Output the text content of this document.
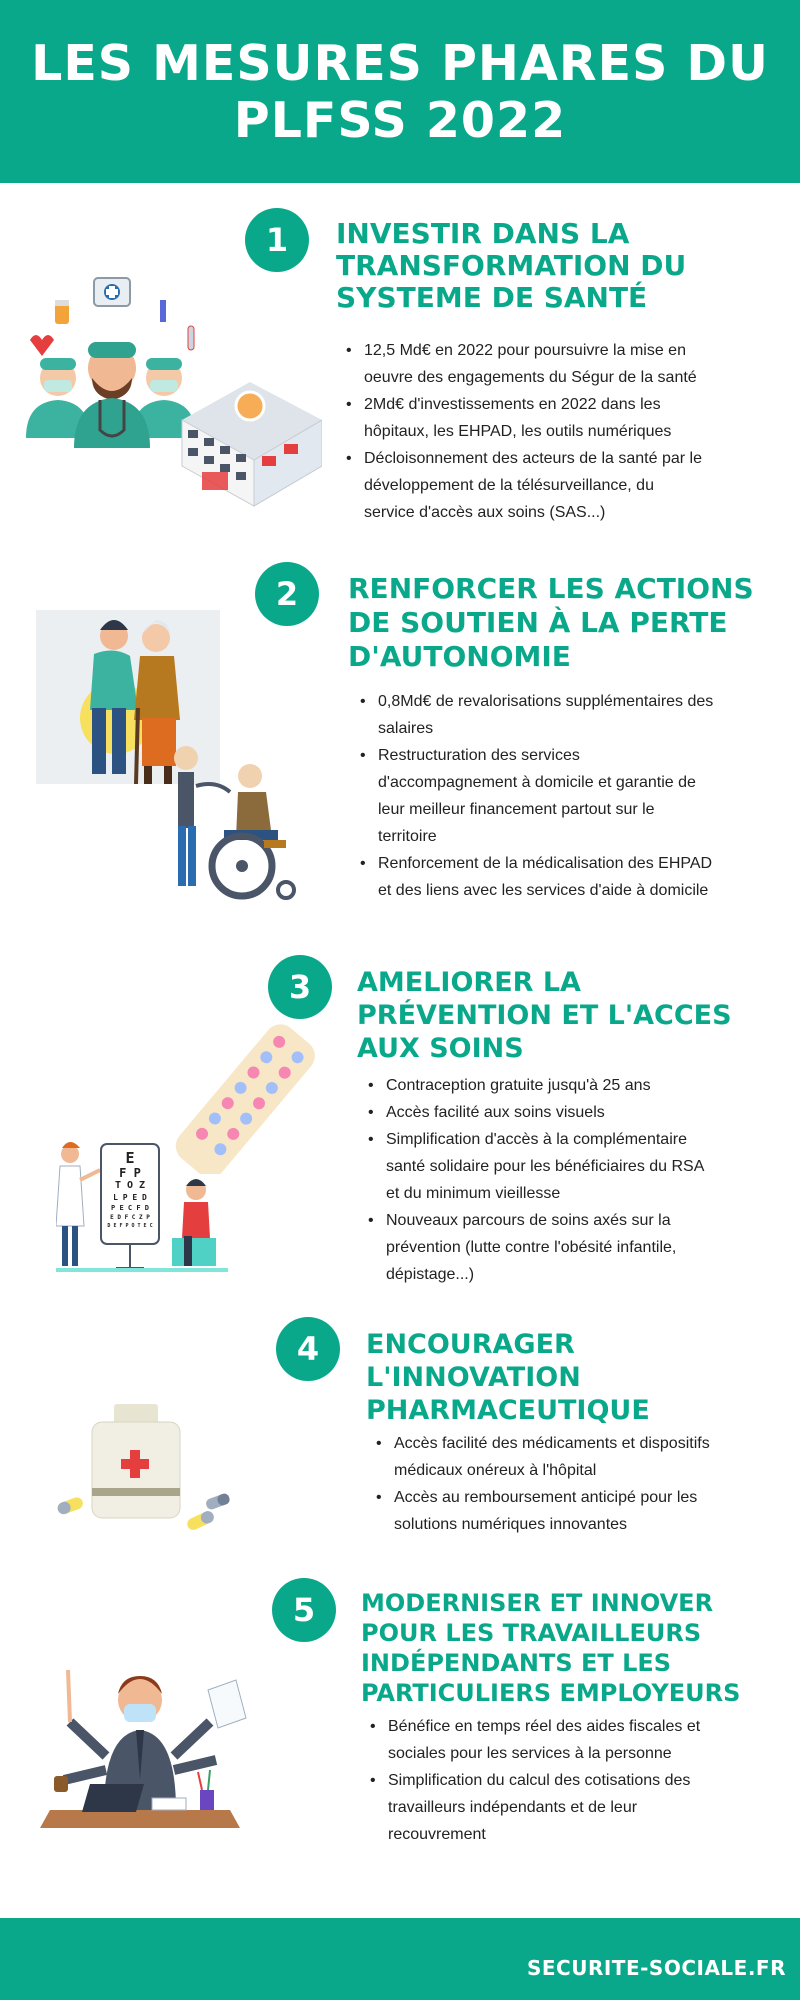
LES MESURES PHARES DU
PLFSS 2022
1	INVESTIR DANS LA
TRANSFORMATION DU
SYSTEME DE SANTÉ
• 12,5 Md€ en 2022 pour poursuivre la mise en
oeuvre des engagements du Ségur de la santé
• 2Md€ d'investissements en 2022 dans les
hôpitaux, les EHPAD, les outils numériques
• Décloisonnement des acteurs de la santé par le
développement de la télésurveillance, du
service d'accès aux soins (SAS...)
2	RENFORCER LES ACTIONS
DE SOUTIEN À LA PERTE
D'AUTONOMIE
• 0,8Md€ de revalorisations supplémentaires des
salaires
• Restructuration des services
d'accompagnement à domicile et garantie de
leur meilleur financement partout sur le
territoire
• Renforcement de la médicalisation des EHPAD
et des liens avec les services d'aide à domicile
3	AMELIORER LA
PRÉVENTION ET L'ACCES
AUX SOINS
• Contraception gratuite jusqu'à 25 ans
• Accès facilité aux soins visuels
• Simplification d'accès à la complémentaire
santé solidaire pour les bénéficiaires du RSA
et du minimum vieillesse
• Nouveaux parcours de soins axés sur la
prévention (lutte contre l'obésité infantile,
dépistage...)
E
F P
T O Z
L P E D
P E C F D
E D F C Z P
D E F P O T E C
4	ENCOURAGER
L'INNOVATION
PHARMACEUTIQUE
• Accès facilité des médicaments et dispositifs
médicaux onéreux à l'hôpital
• Accès au remboursement anticipé pour les
solutions numériques innovantes
5	MODERNISER ET INNOVER
POUR LES TRAVAILLEURS
INDÉPENDANTS ET LES
PARTICULIERS EMPLOYEURS
• Bénéfice en temps réel des aides fiscales et
sociales pour les services à la personne
• Simplification du calcul des cotisations des
travailleurs indépendants et de leur
recouvrement
SECURITE-SOCIALE.FR
